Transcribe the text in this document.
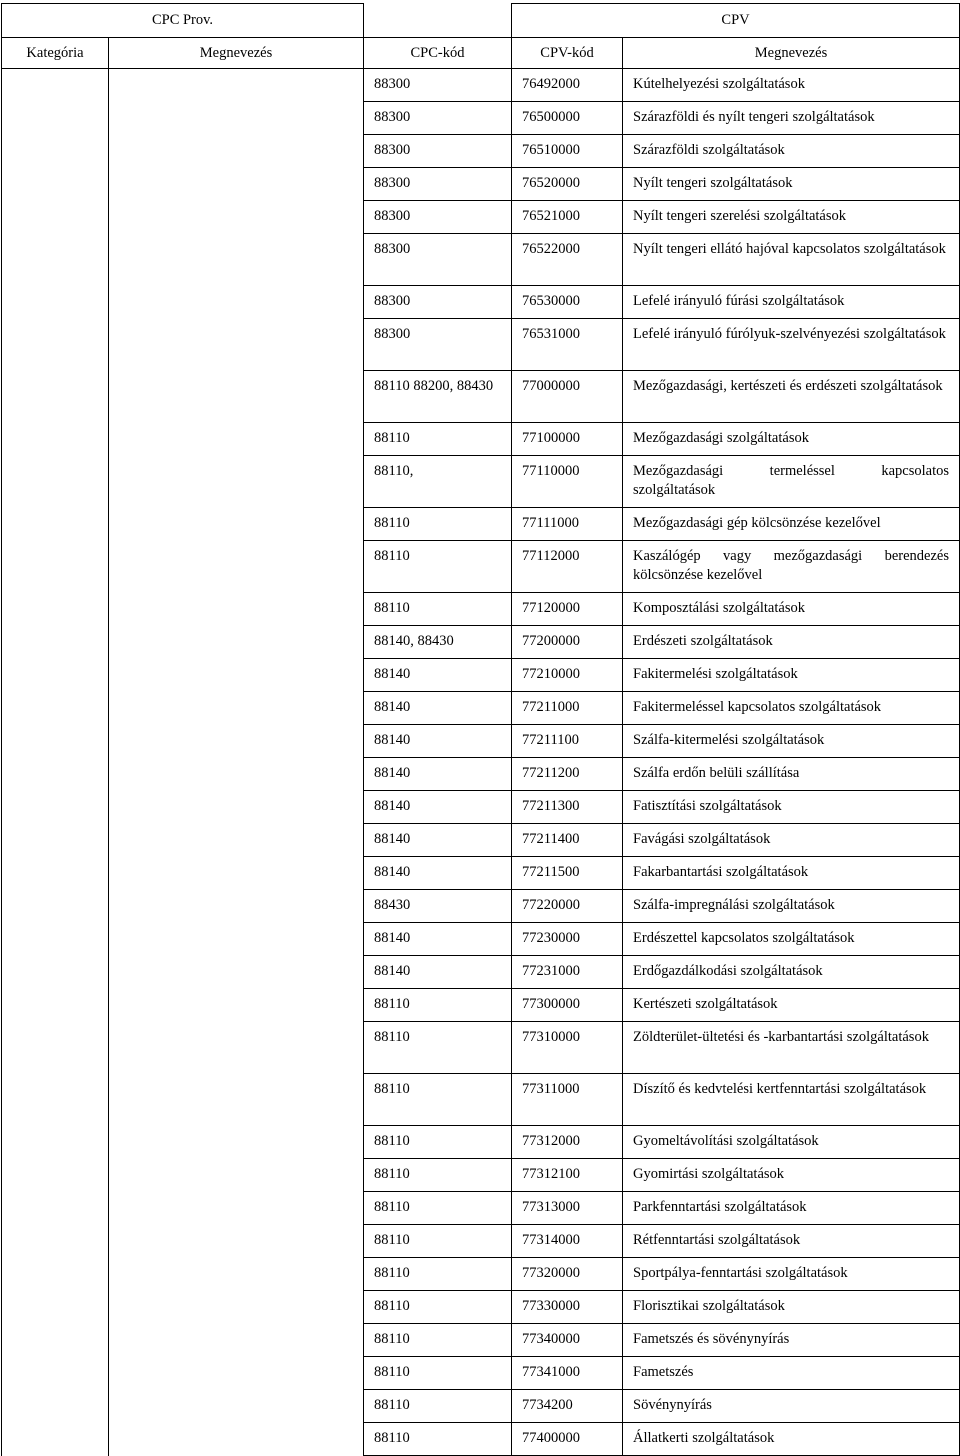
CPC Prov.			CPV	
Kategória	Megnevezés	CPC-kód	CPV-kód	Megnevezés
		88300	76492000	Kútelhelyezési szolgáltatások
		88300	76500000	Szárazföldi és nyílt tengeri szolgáltatások
		88300	76510000	Szárazföldi szolgáltatások
		88300	76520000	Nyílt tengeri szolgáltatások
		88300	76521000	Nyílt tengeri szerelési szolgáltatások
		88300	76522000	Nyílt tengeri ellátó hajóval kapcsolatos szolgáltatások
		88300	76530000	Lefelé irányuló fúrási szolgáltatások
		88300	76531000	Lefelé irányuló fúrólyuk-szelvényezési szolgáltatások
		88110 88200, 88430	77000000	Mezőgazdasági, kertészeti és erdészeti szolgáltatások
		88110	77100000	Mezőgazdasági szolgáltatások
		88110,	77110000	Mezőgazdasági termeléssel kapcsolatos szolgáltatások
		88110	77111000	Mezőgazdasági gép kölcsönzése kezelővel
		88110	77112000	Kaszálógép vagy mezőgazdasági berendezés kölcsönzése kezelővel
		88110	77120000	Komposztálási szolgáltatások
		88140, 88430	77200000	Erdészeti szolgáltatások
		88140	77210000	Fakitermelési szolgáltatások
		88140	77211000	Fakitermeléssel kapcsolatos szolgáltatások
		88140	77211100	Szálfa-kitermelési szolgáltatások
		88140	77211200	Szálfa erdőn belüli szállítása
		88140	77211300	Fatisztítási szolgáltatások
		88140	77211400	Favágási szolgáltatások
		88140	77211500	Fakarbantartási szolgáltatások
		88430	77220000	Szálfa-impregnálási szolgáltatások
		88140	77230000	Erdészettel kapcsolatos szolgáltatások
		88140	77231000	Erdőgazdálkodási szolgáltatások
		88110	77300000	Kertészeti szolgáltatások
		88110	77310000	Zöldterület-ültetési és -karbantartási szolgáltatások
		88110	77311000	Díszítő és kedvtelési kertfenntartási szolgáltatások
		88110	77312000	Gyomeltávolítási szolgáltatások
		88110	77312100	Gyomirtási szolgáltatások
		88110	77313000	Parkfenntartási szolgáltatások
		88110	77314000	Rétfenntartási szolgáltatások
		88110	77320000	Sportpálya-fenntartási szolgáltatások
		88110	77330000	Florisztikai szolgáltatások
		88110	77340000	Fametszés és sövénynyírás
		88110	77341000	Fametszés
		88110	7734200	Sövénynyírás
		88110	77400000	Állatkerti szolgáltatások
